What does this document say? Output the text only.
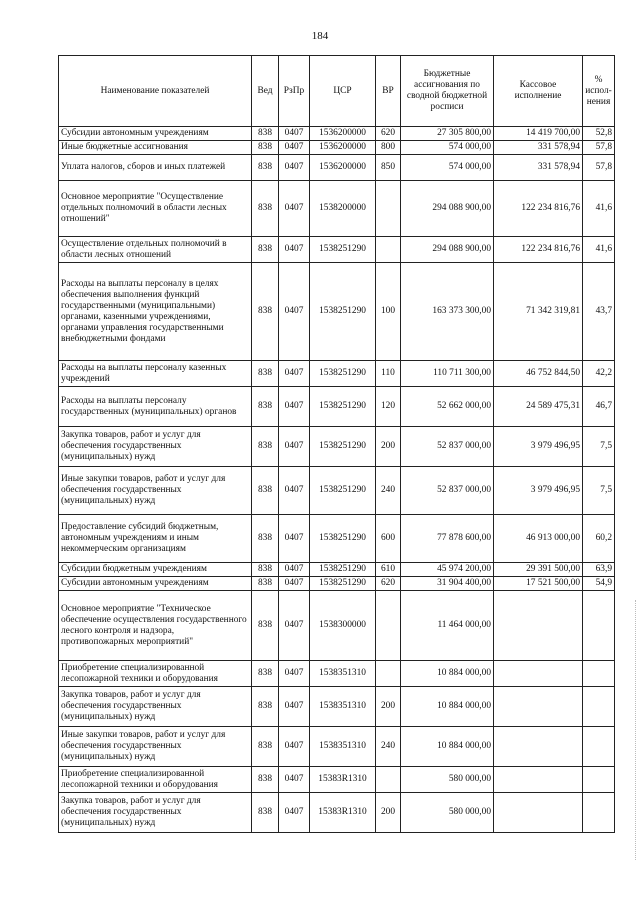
184
Наименование показателей	Вед	РзПр	ЦСР	ВР	Бюджетные ассигнования по сводной бюджетной росписи	Кассовое исполнение	% испол-нения
Субсидии автономным учреждениям	838	0407	1536200000	620	27 305 800,00	14 419 700,00	52,8
Иные бюджетные ассигнования	838	0407	1536200000	800	574 000,00	331 578,94	57,8
Уплата налогов, сборов и иных платежей	838	0407	1536200000	850	574 000,00	331 578,94	57,8
Основное мероприятие "Осуществление отдельных полномочий в области лесных отношений"	838	0407	1538200000		294 088 900,00	122 234 816,76	41,6
Осуществление отдельных полномочий в области лесных отношений	838	0407	1538251290		294 088 900,00	122 234 816,76	41,6
Расходы на выплаты персоналу в целях обеспечения выполнения функций государственными (муниципальными) органами, казенными учреждениями, органами управления государственными внебюджетными фондами	838	0407	1538251290	100	163 373 300,00	71 342 319,81	43,7
Расходы на выплаты персоналу казенных учреждений	838	0407	1538251290	110	110 711 300,00	46 752 844,50	42,2
Расходы на выплаты персоналу государственных (муниципальных) органов	838	0407	1538251290	120	52 662 000,00	24 589 475,31	46,7
Закупка товаров, работ и услуг для обеспечения государственных (муниципальных) нужд	838	0407	1538251290	200	52 837 000,00	3 979 496,95	7,5
Иные закупки товаров, работ и услуг для обеспечения государственных (муниципальных) нужд	838	0407	1538251290	240	52 837 000,00	3 979 496,95	7,5
Предоставление субсидий бюджетным, автономным учреждениям и иным некоммерческим организациям	838	0407	1538251290	600	77 878 600,00	46 913 000,00	60,2
Субсидии бюджетным учреждениям	838	0407	1538251290	610	45 974 200,00	29 391 500,00	63,9
Субсидии автономным учреждениям	838	0407	1538251290	620	31 904 400,00	17 521 500,00	54,9
Основное мероприятие "Техническое обеспечение осуществления государственного лесного контроля и надзора, противопожарных мероприятий"	838	0407	1538300000		11 464 000,00		
Приобретение специализированной лесопожарной техники и оборудования	838	0407	1538351310		10 884 000,00		
Закупка товаров, работ и услуг для обеспечения государственных (муниципальных) нужд	838	0407	1538351310	200	10 884 000,00		
Иные закупки товаров, работ и услуг для обеспечения государственных (муниципальных) нужд	838	0407	1538351310	240	10 884 000,00		
Приобретение специализированной лесопожарной техники и оборудования	838	0407	15383R1310		580 000,00		
Закупка товаров, работ и услуг для обеспечения государственных (муниципальных) нужд	838	0407	15383R1310	200	580 000,00		
